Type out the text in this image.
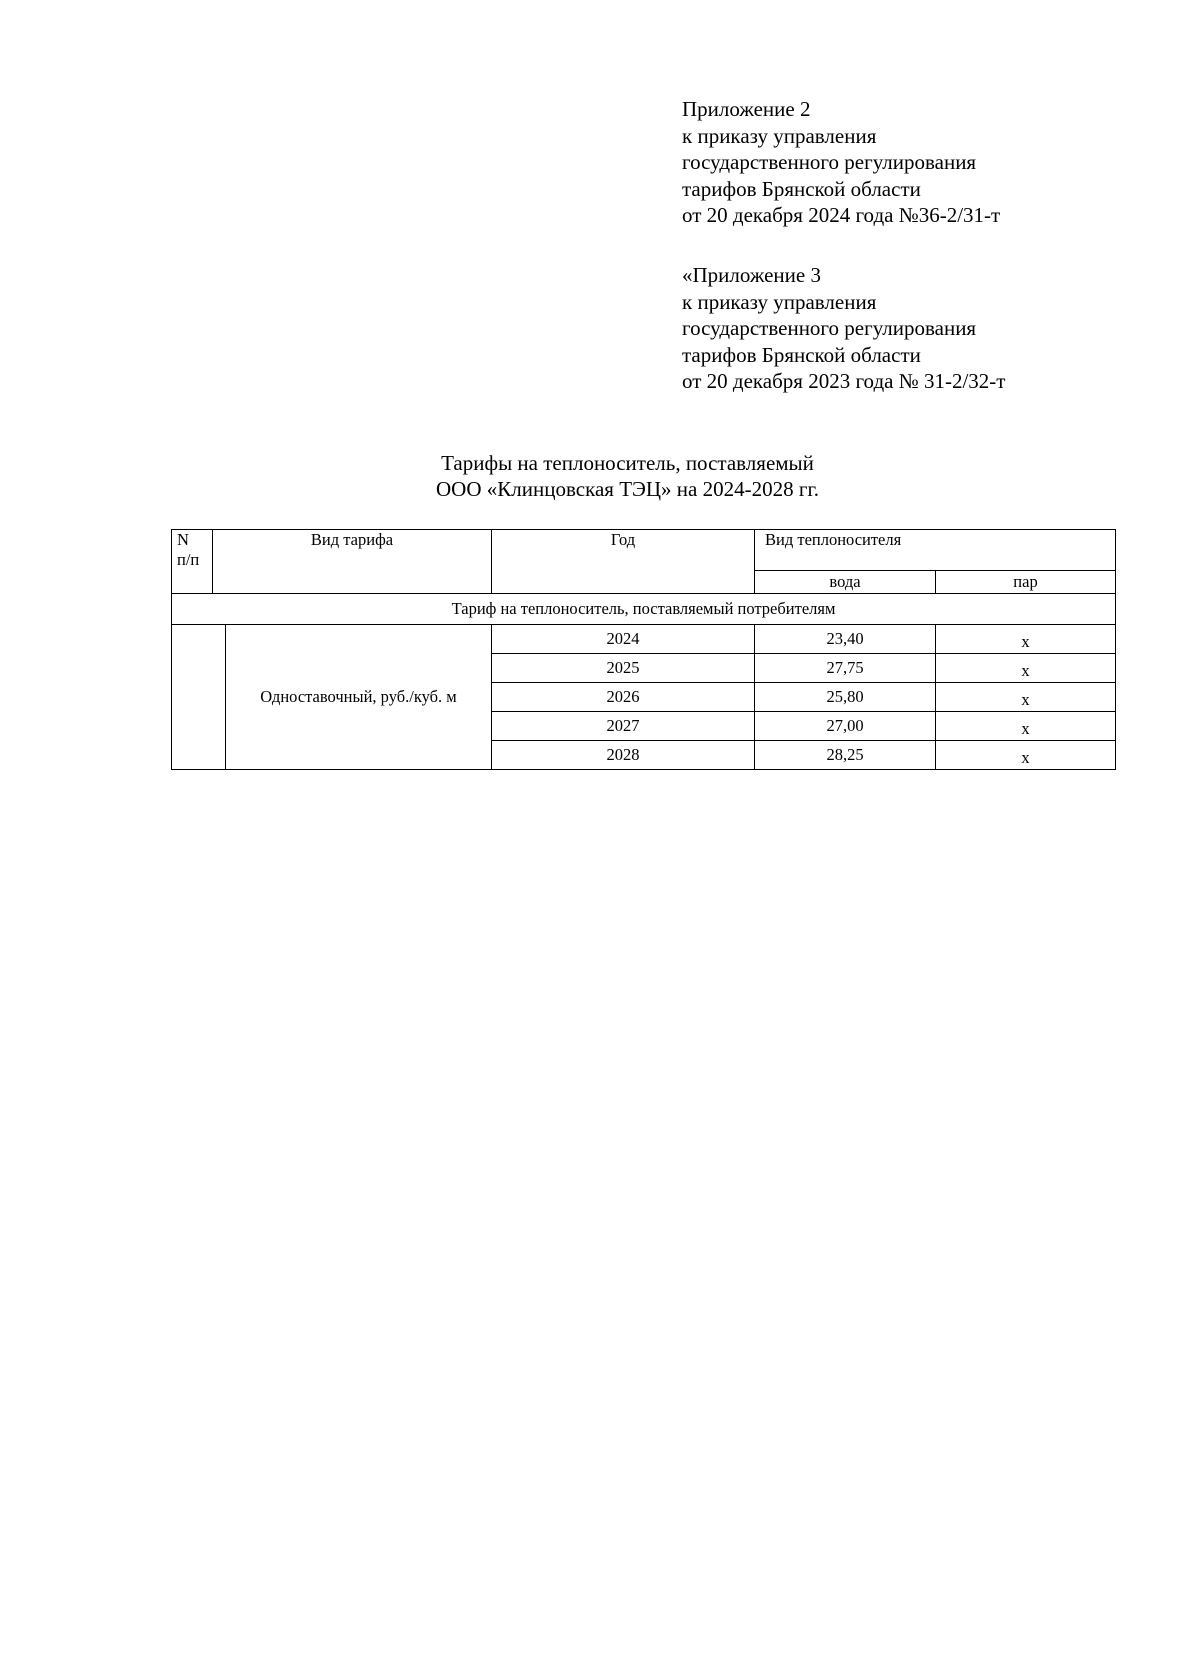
Приложение 2
к приказу управления
государственного регулирования
тарифов Брянской области
от 20 декабря 2024 года №36-2/31-т
«Приложение 3
к приказу управления
государственного регулирования
тарифов Брянской области
от 20 декабря 2023 года № 31-2/32-т
Тарифы на теплоноситель, поставляемый
ООО «Клинцовская ТЭЦ» на 2024-2028 гг.
N
п/п	Вид тарифа		Год	Вид теплоносителя	
				вода	пар
Тариф на теплоноситель, поставляемый потребителям					
		Одноставочный, руб./куб. м	2024	23,40	х
			2025	27,75	х
			2026	25,80	х
			2027	27,00	х
			2028	28,25	х
